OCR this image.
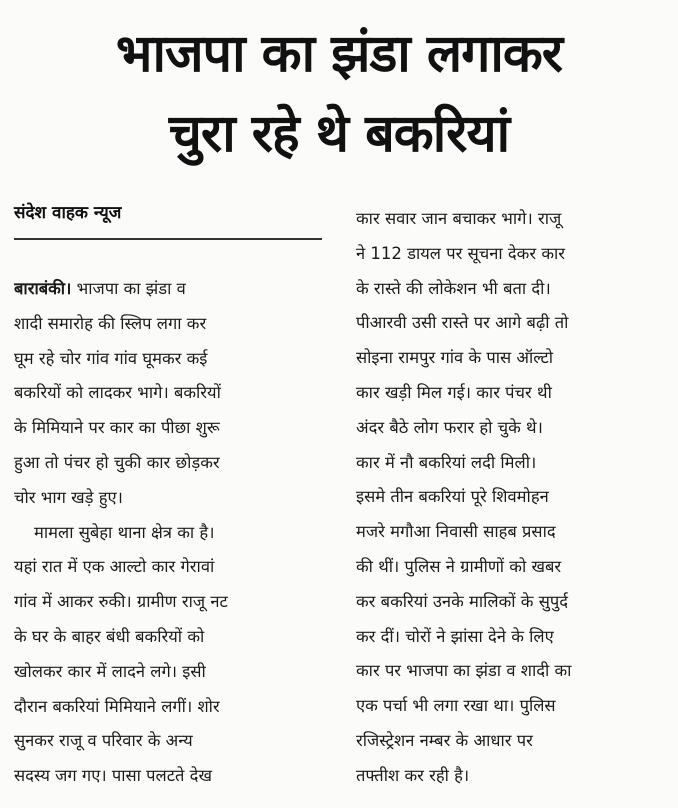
भाजपा का झंडा लगाकर
चुरा रहे थे बकरियां
संदेश वाहक न्यूज
बाराबंकी। भाजपा का झंडा व
शादी समारोह की स्लिप लगा कर
घूम रहे चोर गांव गांव घूमकर कई
बकरियों को लादकर भागे। बकरियों
के मिमियाने पर कार का पीछा शुरू
हुआ तो पंचर हो चुकी कार छोड़कर
चोर भाग खड़े हुए।
मामला सुबेहा थाना क्षेत्र का है।
यहां रात में एक आल्टो कार गेरावां
गांव में आकर रुकी। ग्रामीण राजू नट
के घर के बाहर बंधी बकरियों को
खोलकर कार में लादने लगे। इसी
दौरान बकरियां मिमियाने लगीं। शोर
सुनकर राजू व परिवार के अन्य
सदस्य जग गए। पासा पलटते देख
कार सवार जान बचाकर भागे। राजू
ने 112 डायल पर सूचना देकर कार
के रास्ते की लोकेशन भी बता दी।
पीआरवी उसी रास्ते पर आगे बढ़ी तो
सोइना रामपुर गांव के पास ऑल्टो
कार खड़ी मिल गई। कार पंचर थी
अंदर बैठे लोग फरार हो चुके थे।
कार में नौ बकरियां लदी मिली।
इसमे तीन बकरियां पूरे शिवमोहन
मजरे मगौआ निवासी साहब प्रसाद
की थीं। पुलिस ने ग्रामीणों को खबर
कर बकरियां उनके मालिकों के सुपुर्द
कर दीं। चोरों ने झांसा देने के लिए
कार पर भाजपा का झंडा व शादी का
एक पर्चा भी लगा रखा था। पुलिस
रजिस्ट्रेशन नम्बर के आधार पर
तफ्तीश कर रही है।
